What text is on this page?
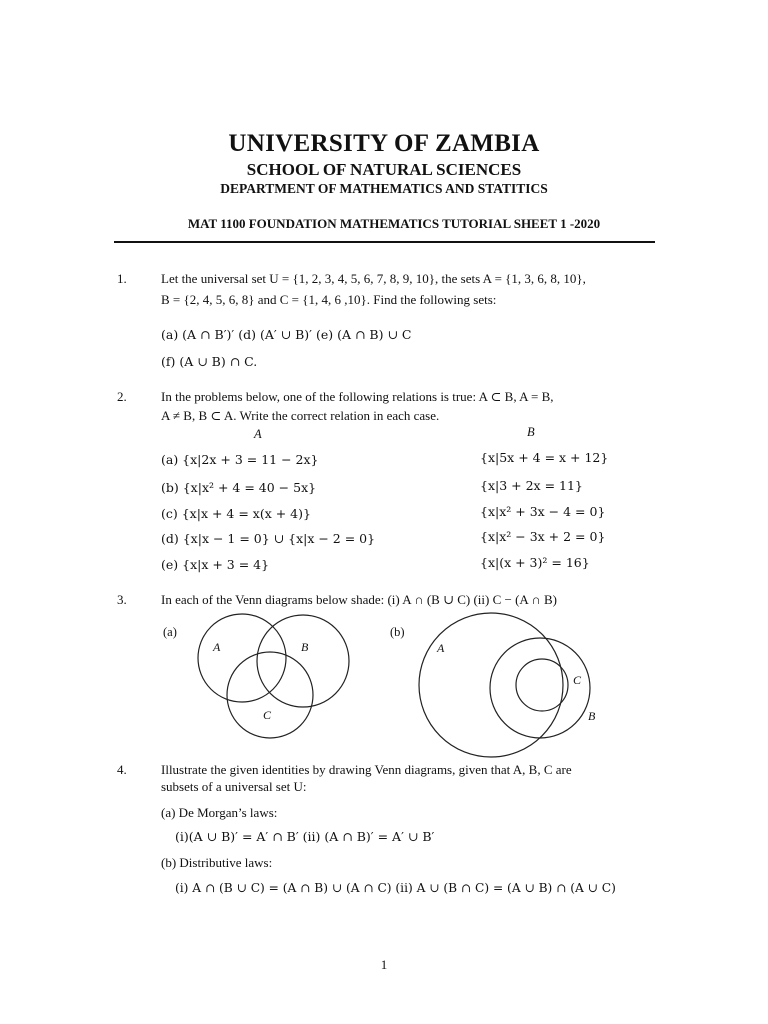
UNIVERSITY OF ZAMBIA
SCHOOL OF NATURAL SCIENCES
DEPARTMENT OF MATHEMATICS AND STATITICS
MAT 1100 FOUNDATION MATHEMATICS TUTORIAL SHEET 1 -2020
1.	Let the universal set U = {1, 2, 3, 4, 5, 6, 7, 8, 9, 10}, the sets A = {1, 3, 6, 8, 10},
B = {2, 4, 5, 6, 8} and C = {1, 4, 6 ,10}. Find the following sets:
(a) (A ∩ B′)′ (d) (A′ ∪ B)′ (e) (A ∩ B) ∪ C
(f) (A ∪ B) ∩ C.
2.	In the problems below, one of the following relations is true: A ⊂ B, A = B,
A ≠ B, B ⊂ A. Write the correct relation in each case.
A	B
(a) {x|2x + 3 = 11 − 2x}	{x|5x + 4 = x + 12}
(b) {x|x² + 4 = 40 − 5x}	{x|3 + 2x = 11}
(c) {x|x + 4 = x(x + 4)}	{x|x² + 3x − 4 = 0}
(d) {x|x − 1 = 0} ∪ {x|x − 2 = 0}	{x|x² − 3x + 2 = 0}
(e) {x|x + 3 = 4}	{x|(x + 3)² = 16}
3.	In each of the Venn diagrams below shade: (i) A ∩ (B ∪ C) (ii) C − (A ∩ B)
(a)
A	B
C
(b)
A
C
B
4.	Illustrate the given identities by drawing Venn diagrams, given that A, B, C are
subsets of a universal set U:
(a) De Morgan’s laws:
(i)(A ∪ B)′ = A′ ∩ B′ (ii) (A ∩ B)′ = A′ ∪ B′
(b) Distributive laws:
(i) A ∩ (B ∪ C) = (A ∩ B) ∪ (A ∩ C) (ii) A ∪ (B ∩ C) = (A ∪ B) ∩ (A ∪ C)
1
